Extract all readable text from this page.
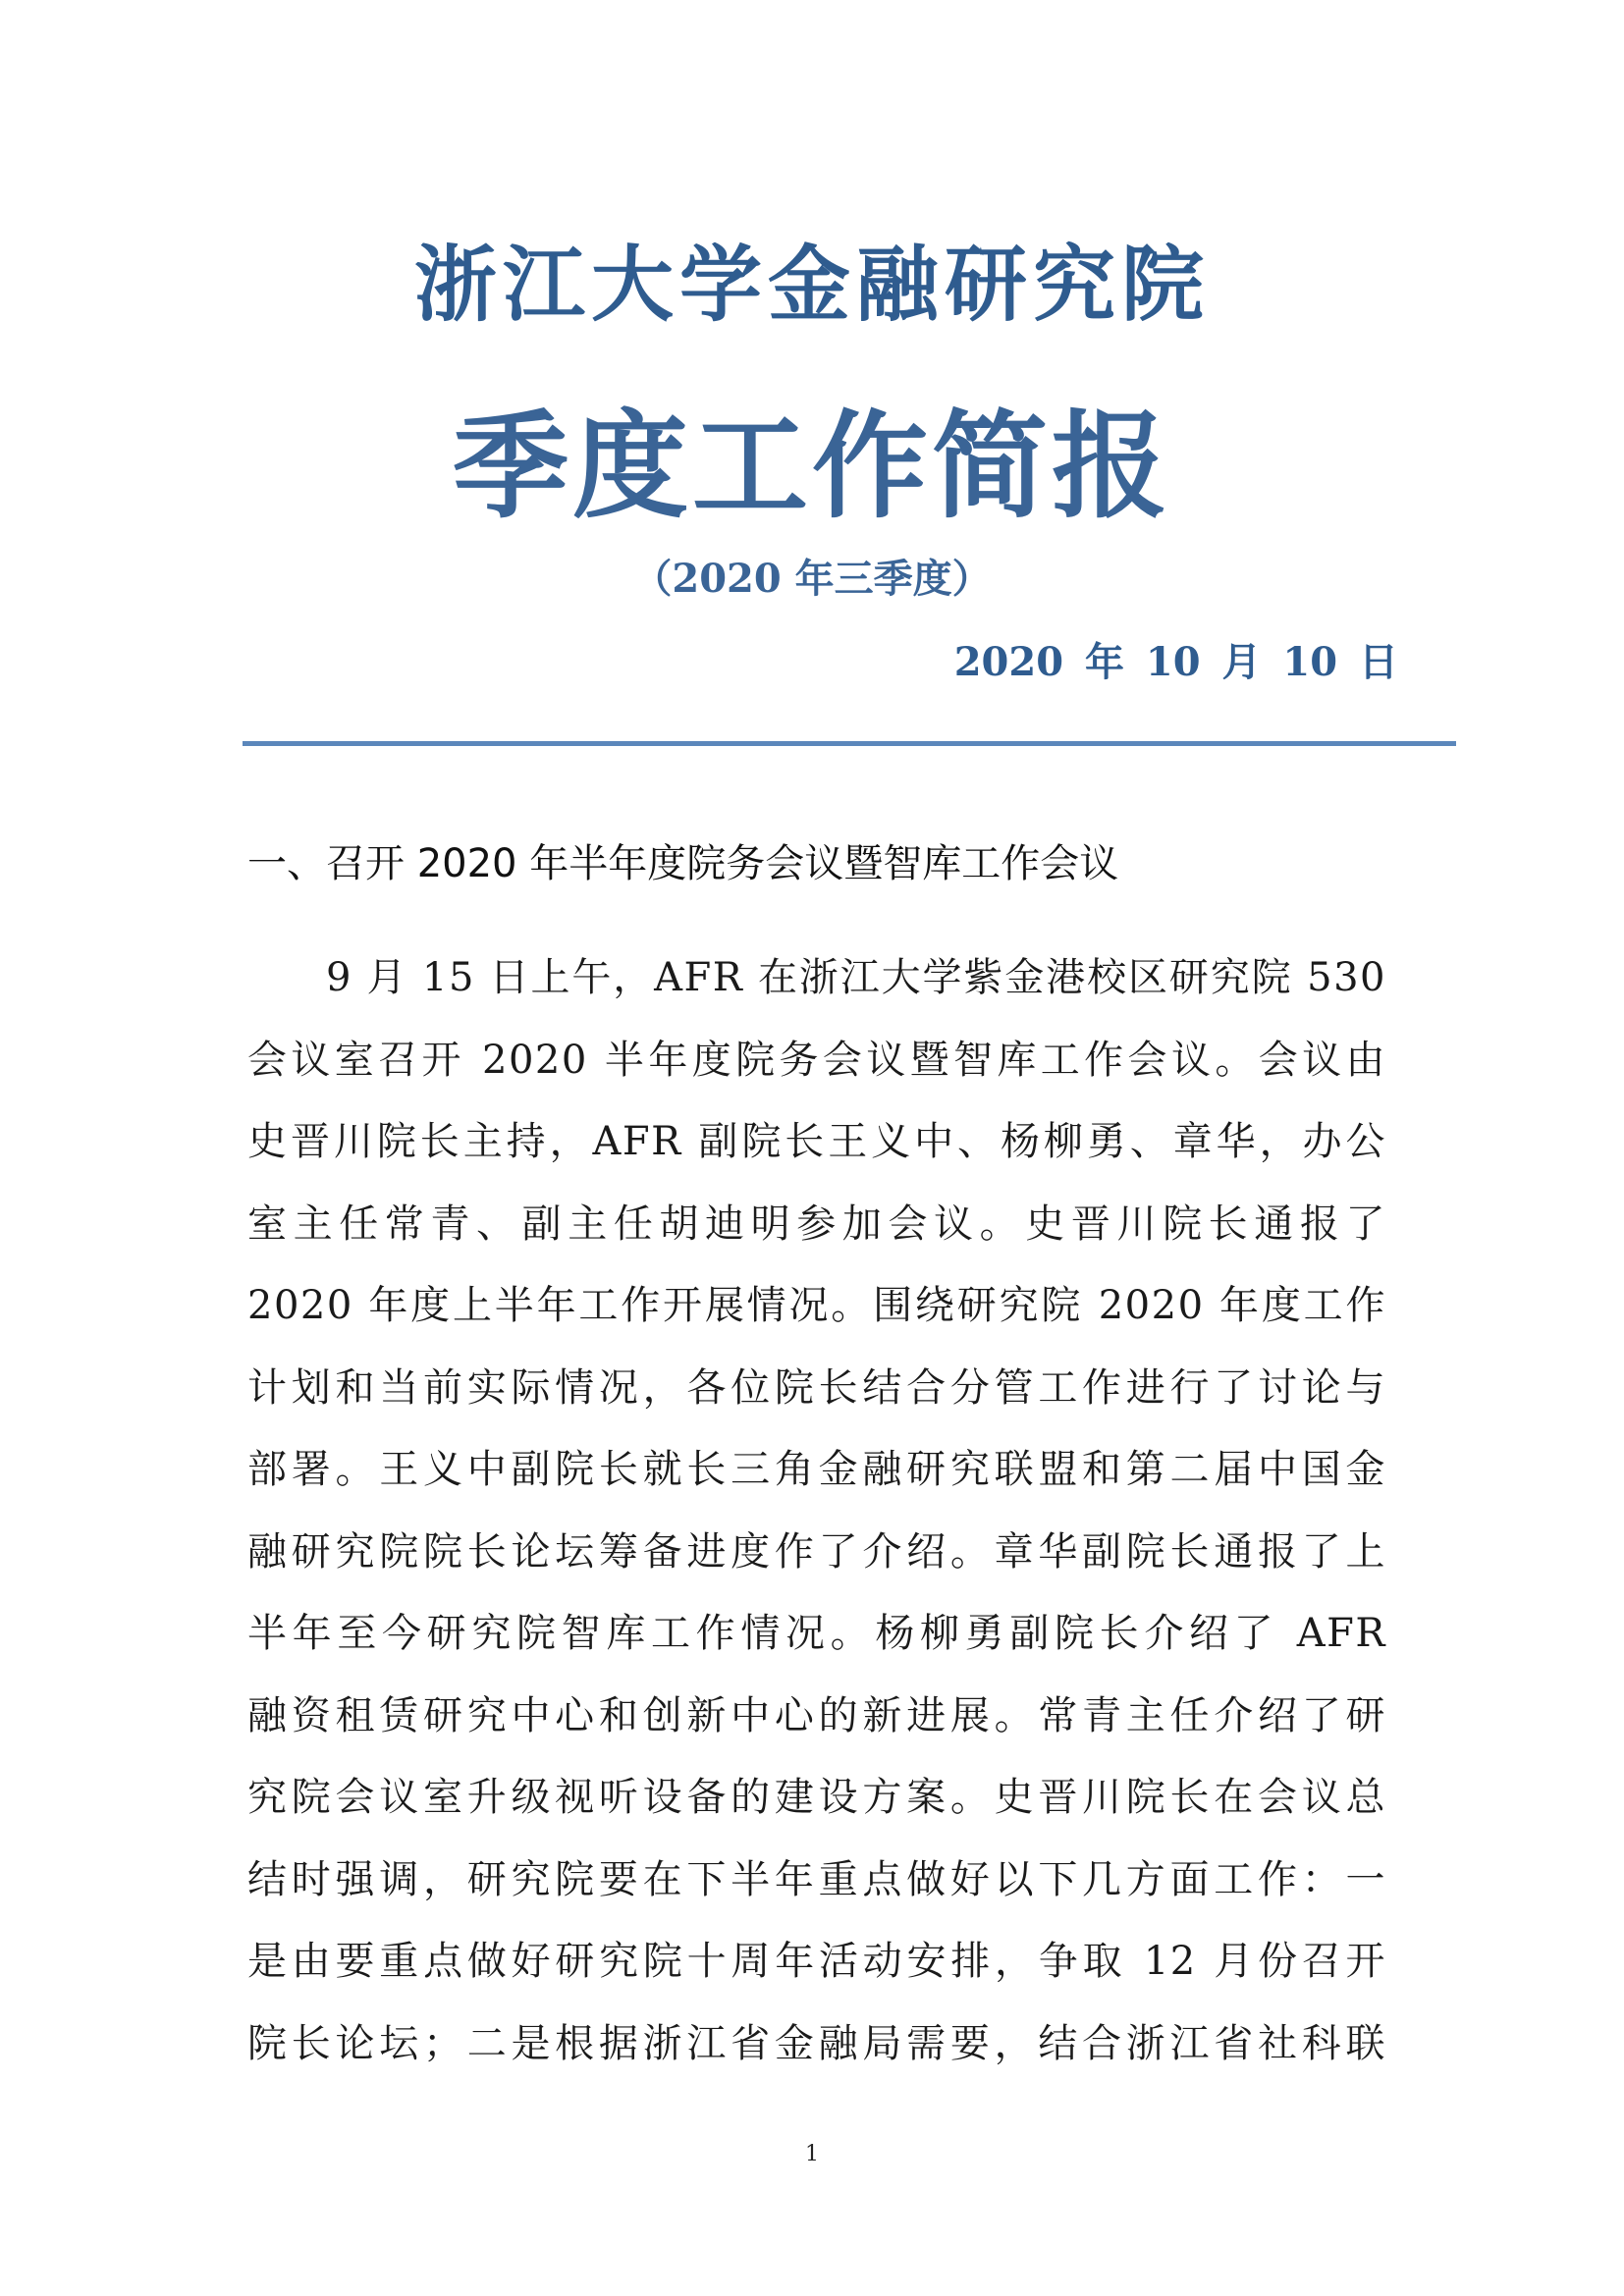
浙江大学金融研究院
季度工作简报
（2020 年三季度）
2020 年 10 月 10 日
一、召开 2020 年半年度院务会议暨智库工作会议
9 月 15 日上午，AFR 在浙江大学紫金港校区研究院 530
会议室召开 2020 半年度院务会议暨智库工作会议。会议由
史晋川院长主持，AFR 副院长王义中、杨柳勇、章华，办公
室主任常青、副主任胡迪明参加会议。史晋川院长通报了
2020 年度上半年工作开展情况。围绕研究院 2020 年度工作
计划和当前实际情况，各位院长结合分管工作进行了讨论与
部署。王义中副院长就长三角金融研究联盟和第二届中国金
融研究院院长论坛筹备进度作了介绍。章华副院长通报了上
半年至今研究院智库工作情况。杨柳勇副院长介绍了 AFR
融资租赁研究中心和创新中心的新进展。常青主任介绍了研
究院会议室升级视听设备的建设方案。史晋川院长在会议总
结时强调，研究院要在下半年重点做好以下几方面工作：一
是由要重点做好研究院十周年活动安排，争取 12 月份召开
院长论坛；二是根据浙江省金融局需要，结合浙江省社科联
1
